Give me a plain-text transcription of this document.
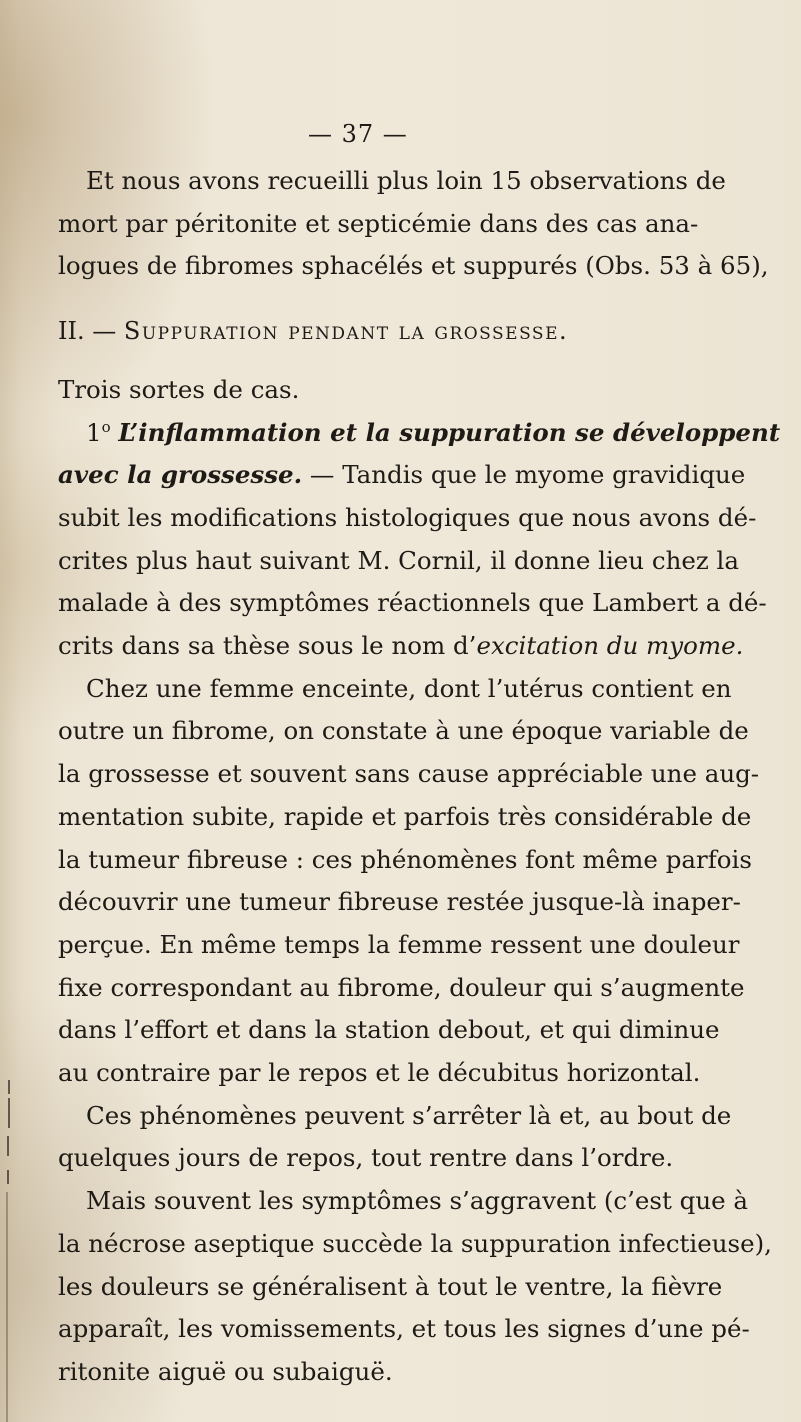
— 37 —
Et nous avons recueilli plus loin 15 observations de
mort par péritonite et septicémie dans des cas ana-
logues de fibromes sphacélés et suppurés (Obs. 53 à 65),
II. — Suppuration pendant la grossesse.
Trois sortes de cas.
1$^o$ L’inflammation et la suppuration se développent
avec la grossesse. — Tandis que le myome gravidique
subit les modifications histologiques que nous avons dé-
crites plus haut suivant M. Cornil, il donne lieu chez la
malade à des symptômes réactionnels que Lambert a dé-
crits dans sa thèse sous le nom d’excitation du myome.
Chez une femme enceinte, dont l’utérus contient en
outre un fibrome, on constate à une époque variable de
la grossesse et souvent sans cause appréciable une aug-
mentation subite, rapide et parfois très considérable de
la tumeur fibreuse : ces phénomènes font même parfois
découvrir une tumeur fibreuse restée jusque-là inaper-
perçue. En même temps la femme ressent une douleur
fixe correspondant au fibrome, douleur qui s’augmente
dans l’effort et dans la station debout, et qui diminue
au contraire par le repos et le décubitus horizontal.
Ces phénomènes peuvent s’arrêter là et, au bout de
quelques jours de repos, tout rentre dans l’ordre.
Mais souvent les symptômes s’aggravent (c’est que à
la nécrose aseptique succède la suppuration infectieuse),
les douleurs se généralisent à tout le ventre, la fièvre
apparaît, les vomissements, et tous les signes d’une pé-
ritonite aiguë ou subaiguë.
